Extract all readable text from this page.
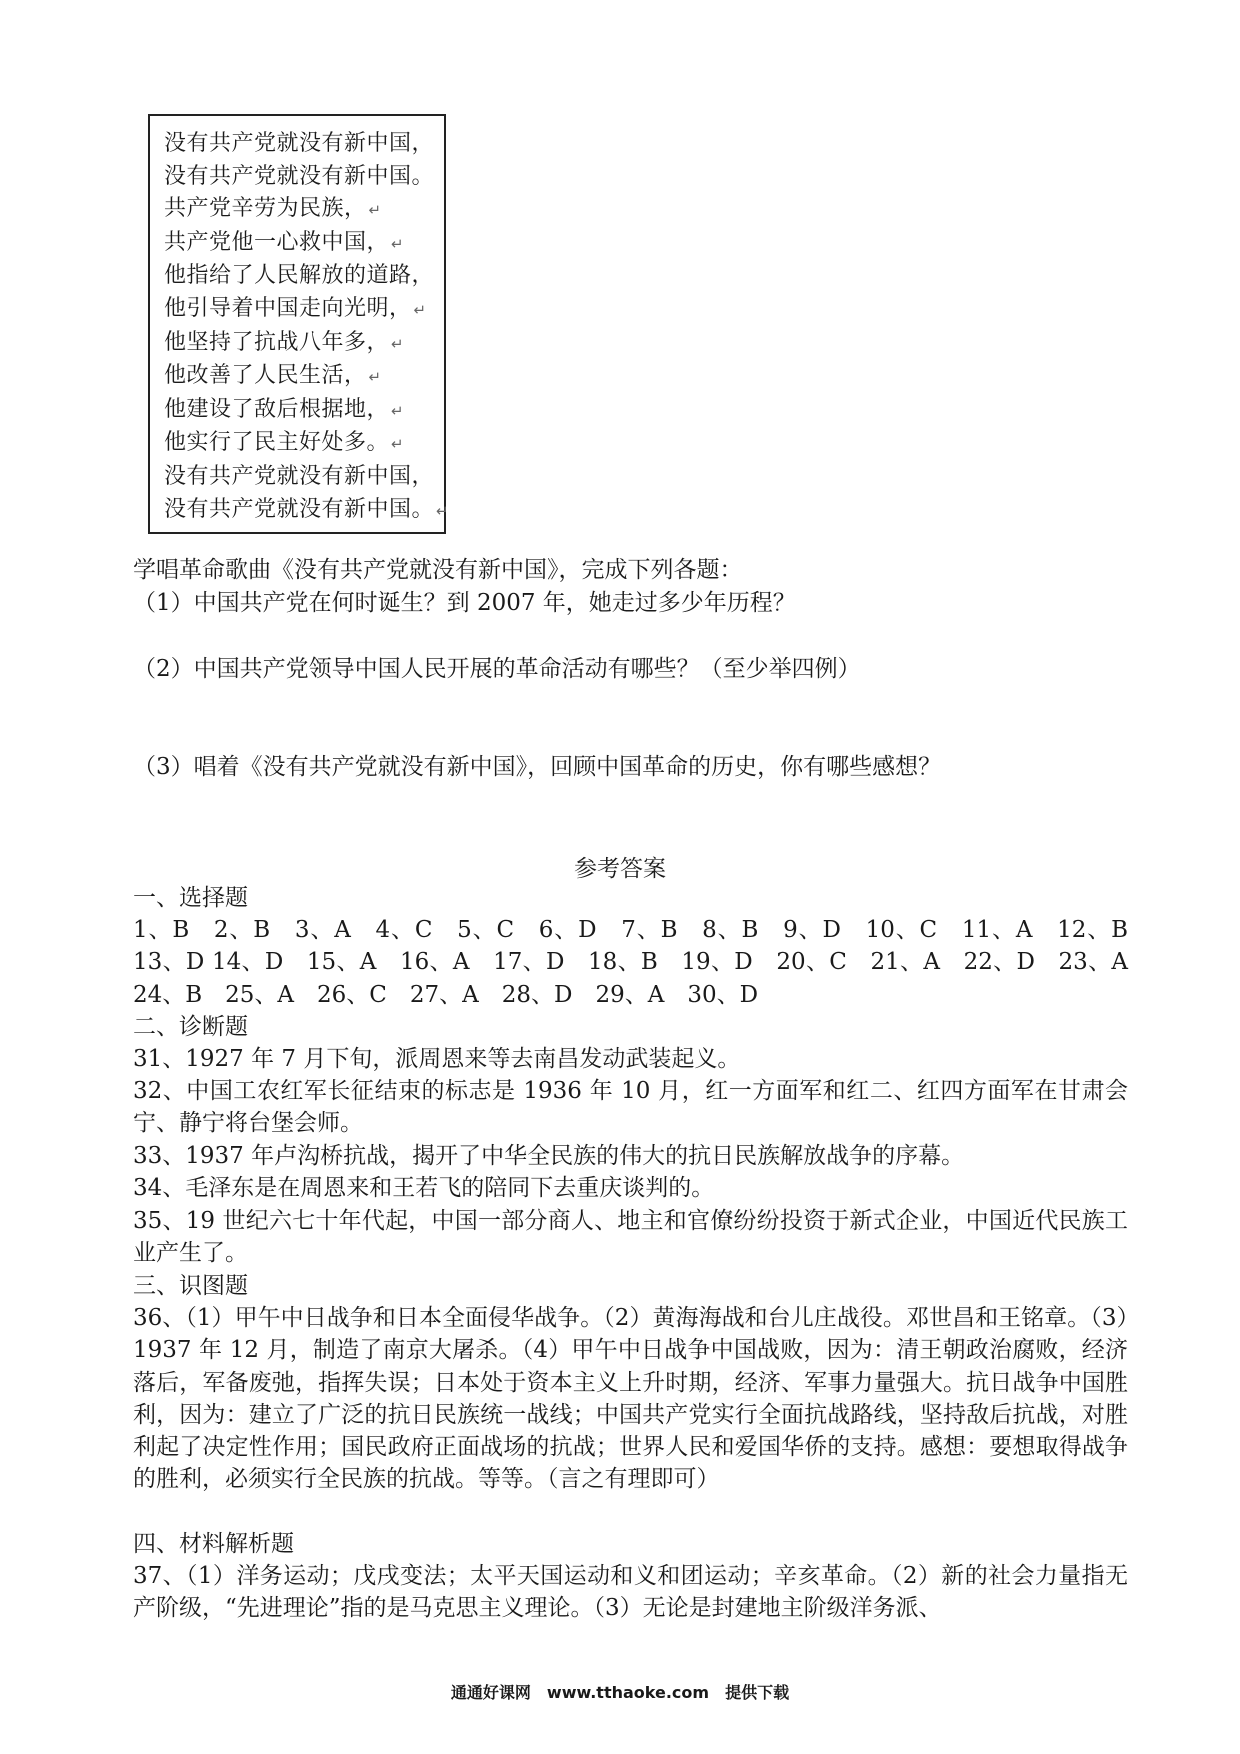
没有共产党就没有新中国，
没有共产党就没有新中国。
共产党辛劳为民族， ↵
共产党他一心救中国， ↵
他指给了人民解放的道路，
他引导着中国走向光明， ↵
他坚持了抗战八年多， ↵
他改善了人民生活， ↵
他建设了敌后根据地， ↵
他实行了民主好处多。 ↵
没有共产党就没有新中国，
没有共产党就没有新中国。 ↵
学唱革命歌曲《没有共产党就没有新中国》，完成下列各题：
（1）中国共产党在何时诞生？到 2007 年，她走过多少年历程？
（2）中国共产党领导中国人民开展的革命活动有哪些？（至少举四例）
（3）唱着《没有共产党就没有新中国》，回顾中国革命的历史，你有哪些感想？
参考答案
一、选择题
1、B　2、B　3、A　4、C　5、C　6、D　7、B　8、B　9、D　10、C　11、A　12、B　13、D 14、D　15、A　16、A　17、D　18、B　19、D　20、C　21、A　22、D　23、A　24、B　25、A　26、C　27、A　28、D　29、A　30、D
二、诊断题
31、1927 年 7 月下旬，派周恩来等去南昌发动武装起义。
32、中国工农红军长征结束的标志是 1936 年 10 月，红一方面军和红二、红四方面军在甘肃会宁、静宁将台堡会师。
33、1937 年卢沟桥抗战，揭开了中华全民族的伟大的抗日民族解放战争的序幕。
34、毛泽东是在周恩来和王若飞的陪同下去重庆谈判的。
35、19 世纪六七十年代起，中国一部分商人、地主和官僚纷纷投资于新式企业，中国近代民族工业产生了。
三、识图题
36、（1）甲午中日战争和日本全面侵华战争。（2）黄海海战和台儿庄战役。邓世昌和王铭章。（3）1937 年 12 月，制造了南京大屠杀。（4）甲午中日战争中国战败，因为：清王朝政治腐败，经济落后，军备废弛，指挥失误；日本处于资本主义上升时期，经济、军事力量强大。抗日战争中国胜利，因为：建立了广泛的抗日民族统一战线；中国共产党实行全面抗战路线，坚持敌后抗战，对胜利起了决定性作用；国民政府正面战场的抗战；世界人民和爱国华侨的支持。感想：要想取得战争的胜利，必须实行全民族的抗战。等等。（言之有理即可）
四、材料解析题
37、（1）洋务运动；戊戌变法；太平天国运动和义和团运动；辛亥革命。（2）新的社会力量指无产阶级，“先进理论”指的是马克思主义理论。（3）无论是封建地主阶级洋务派、
通通好课网　www.tthaoke.com　提供下载
